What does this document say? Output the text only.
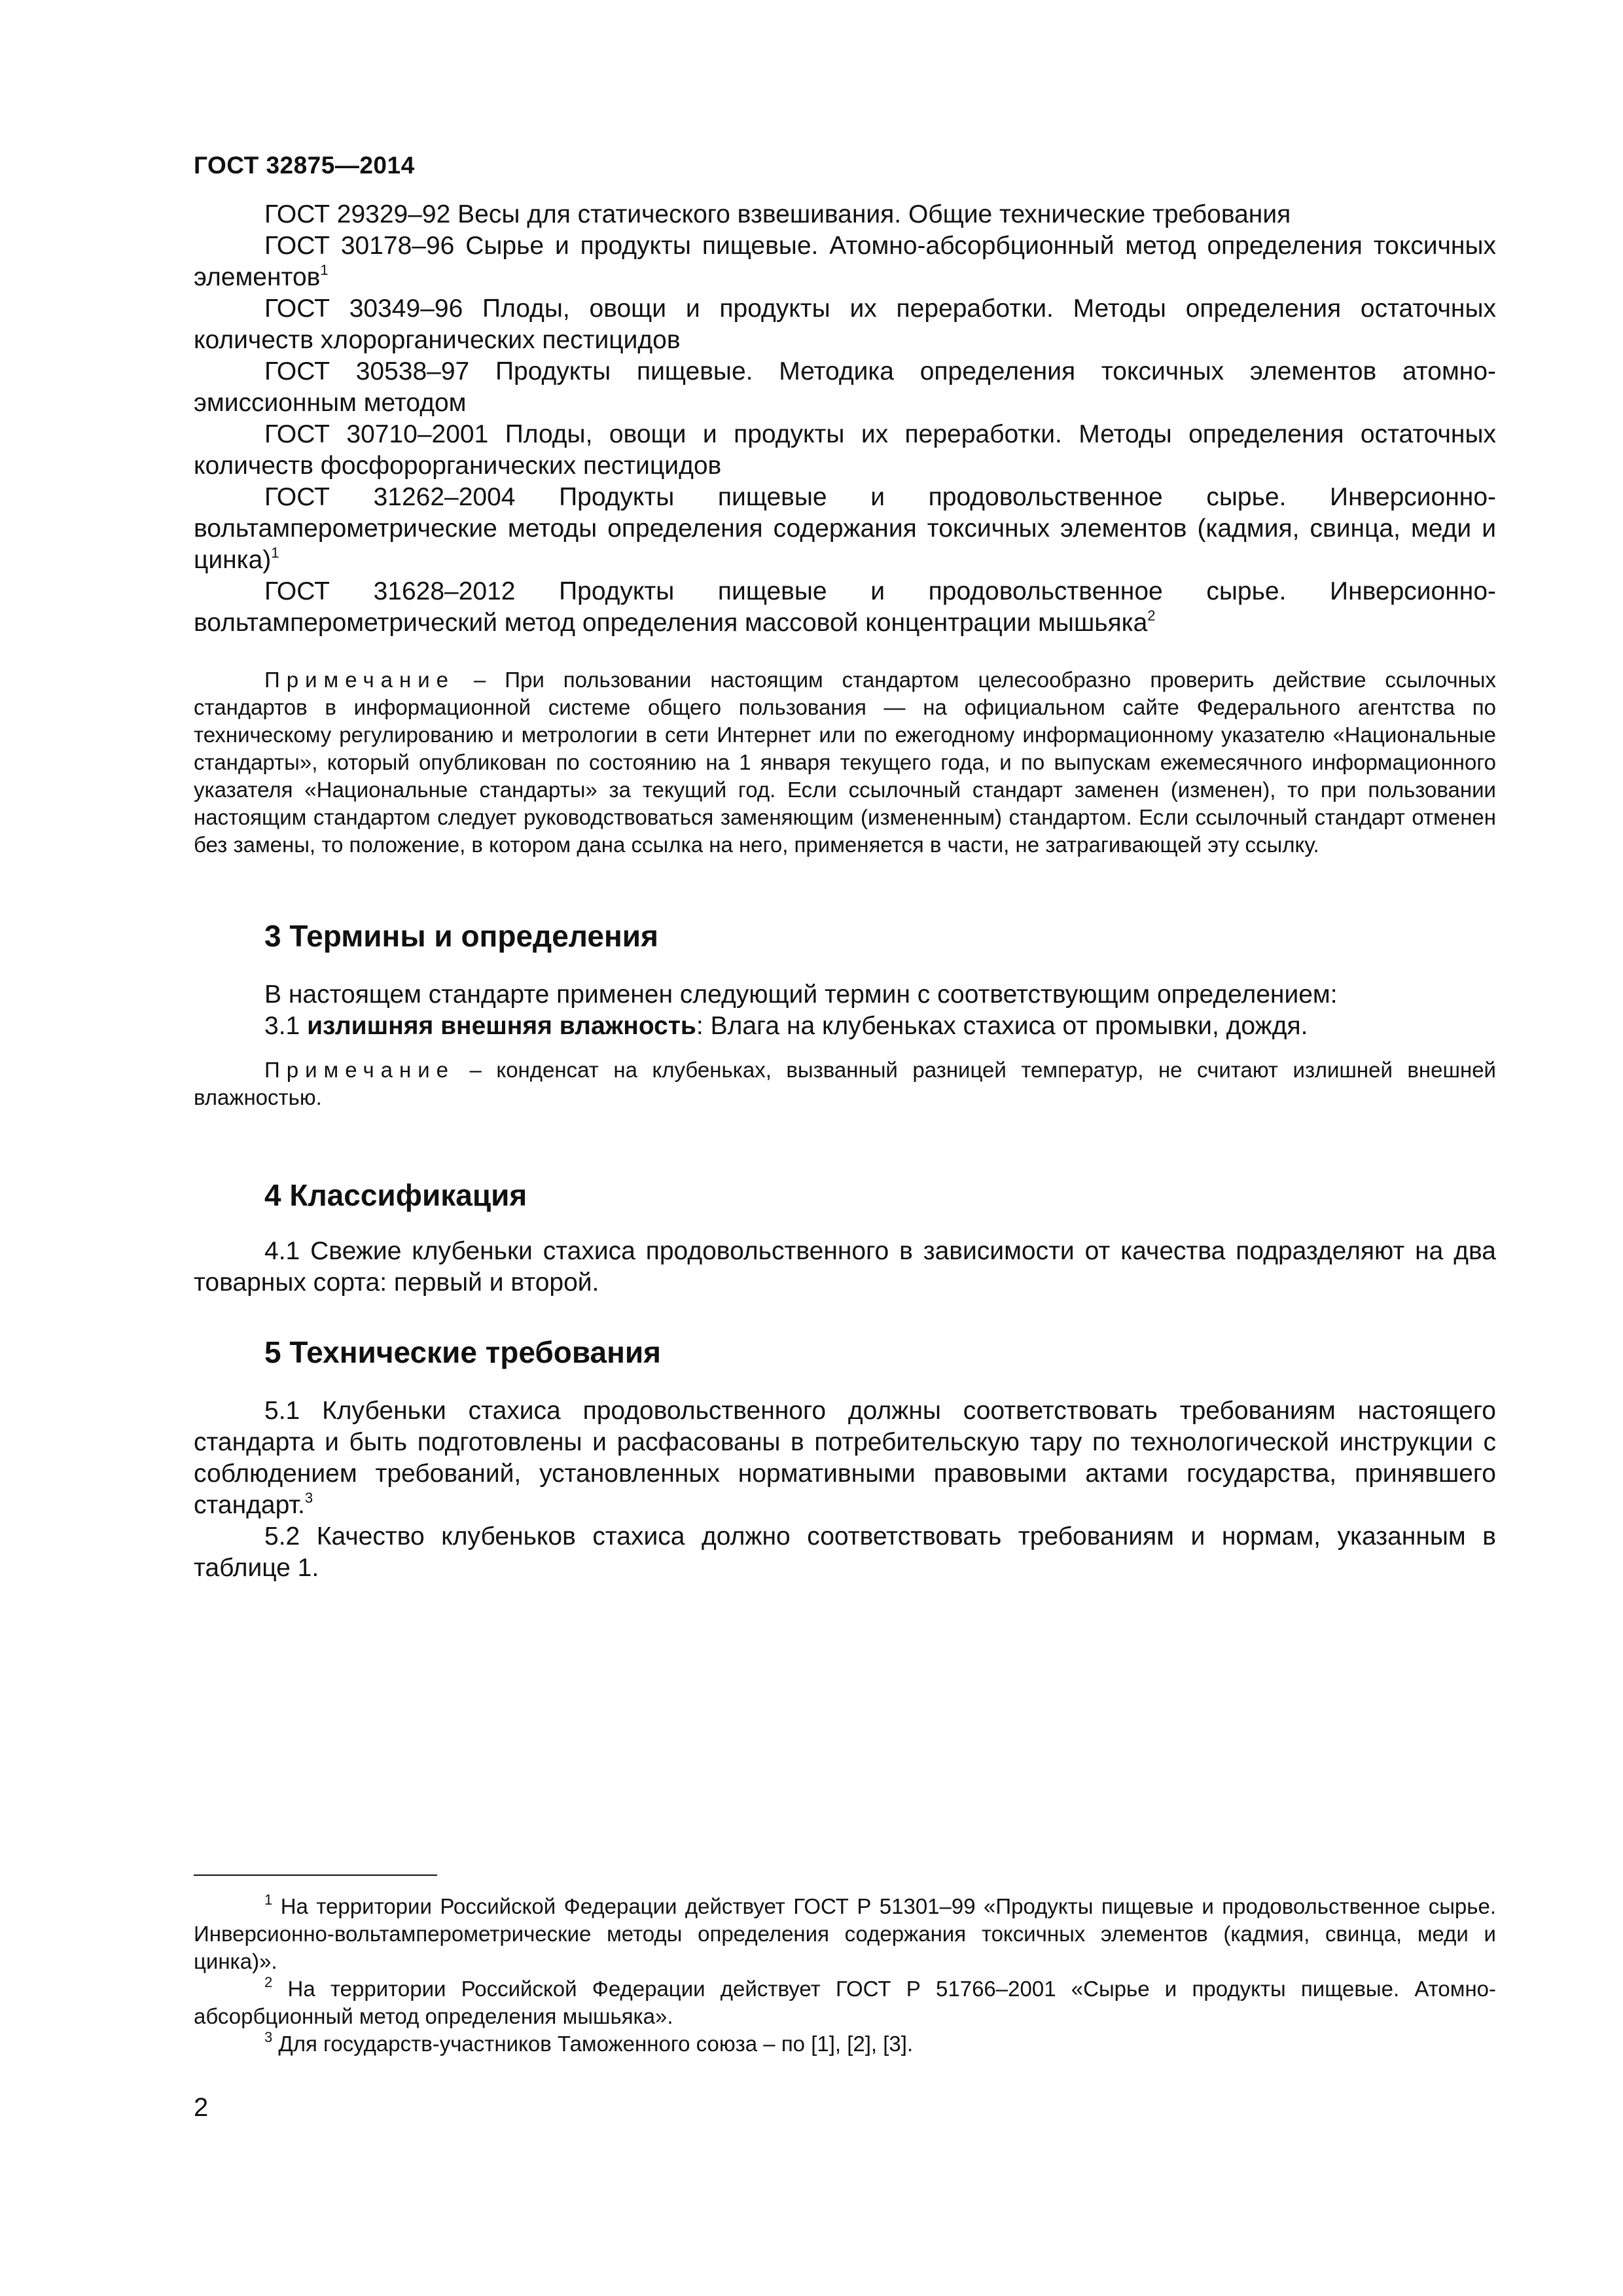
ГОСТ 32875—2014

ГОСТ 29329–92 Весы для статического взвешивания. Общие технические требования

ГОСТ 30178–96 Сырье и продукты пищевые. Атомно-абсорбционный метод определения токсичных элементов$^1$

ГОСТ 30349–96 Плоды, овощи и продукты их переработки. Методы определения остаточных количеств хлорорганических пестицидов

ГОСТ 30538–97 Продукты пищевые. Методика определения токсичных элементов атомно-эмиссионным методом

ГОСТ 30710–2001 Плоды, овощи и продукты их переработки. Методы определения остаточных количеств фосфорорганических пестицидов

ГОСТ 31262–2004 Продукты пищевые и продовольственное сырье. Инверсионно-вольтамперометрические методы определения содержания токсичных элементов (кадмия, свинца, меди и цинка)$^1$

ГОСТ 31628–2012 Продукты пищевые и продовольственное сырье. Инверсионно-вольтамперометрический метод определения массовой концентрации мышьяка$^2$

Примечание – При пользовании настоящим стандартом целесообразно проверить действие ссылочных стандартов в информационной системе общего пользования — на официальном сайте Федерального агентства по техническому регулированию и метрологии в сети Интернет или по ежегодному информационному указателю «Национальные стандарты», который опубликован по состоянию на 1 января текущего года, и по выпускам ежемесячного информационного указателя «Национальные стандарты» за текущий год. Если ссылочный стандарт заменен (изменен), то при пользовании настоящим стандартом следует руководствоваться заменяющим (измененным) стандартом. Если ссылочный стандарт отменен без замены, то положение, в котором дана ссылка на него, применяется в части, не затрагивающей эту ссылку.

3 Термины и определения

В настоящем стандарте применен следующий термин с соответствующим определением:

3.1 излишняя внешняя влажность: Влага на клубеньках стахиса от промывки, дождя.

Примечание – конденсат на клубеньках, вызванный разницей температур, не считают излишней внешней влажностью.

4 Классификация

4.1 Свежие клубеньки стахиса продовольственного в зависимости от качества подразделяют на два товарных сорта: первый и второй.

5 Технические требования

5.1 Клубеньки стахиса продовольственного должны соответствовать требованиям настоящего стандарта и быть подготовлены и расфасованы в потребительскую тару по технологической инструкции с соблюдением требований, установленных нормативными правовыми актами государства, принявшего стандарт.$^3$

5.2 Качество клубеньков стахиса должно соответствовать требованиям и нормам, указанным в таблице 1.

$^1$ На территории Российской Федерации действует ГОСТ Р 51301–99 «Продукты пищевые и продовольственное сырье. Инверсионно-вольтамперометрические методы определения содержания токсичных элементов (кадмия, свинца, меди и цинка)».

$^2$ На территории Российской Федерации действует ГОСТ Р 51766–2001 «Сырье и продукты пищевые. Атомно-абсорбционный метод определения мышьяка».

$^3$ Для государств-участников Таможенного союза – по [1], [2], [3].

2
